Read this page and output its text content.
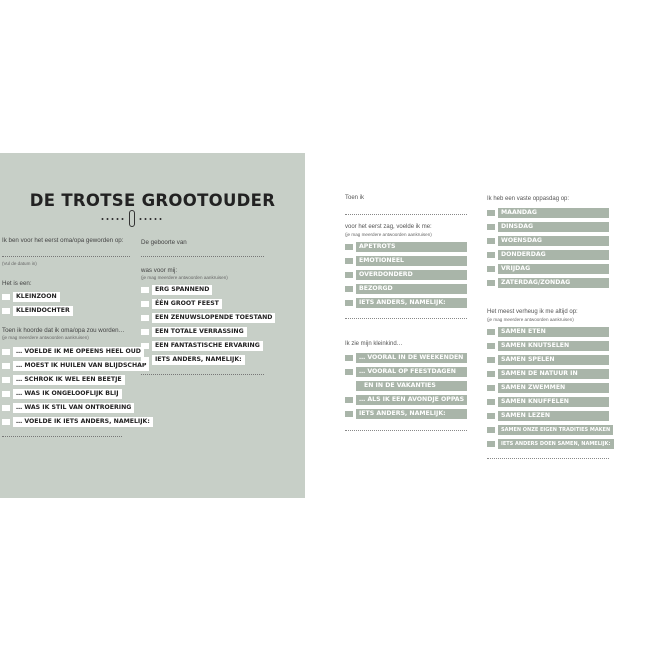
DE TROTSE GROOTOUDER
Ik ben voor het eerst oma/opa geworden op:
(Vul de datum in)
Het is een:
KLEINZOON
KLEINDOCHTER
Toen ik hoorde dat ik oma/opa zou worden…
(je mag meerdere antwoorden aankruisen)
… VOELDE IK ME OPEENS HEEL OUD
… MOEST IK HUILEN VAN BLIJDSCHAP
… SCHROK IK WEL EEN BEETJE
… WAS IK ONGELOOFLIJK BLIJ
… WAS IK STIL VAN ONTROERING
… VOELDE IK IETS ANDERS, NAMELIJK:
De geboorte van
was voor mij:
(je mag meerdere antwoorden aankruisen)
ERG SPANNEND
ÉÉN GROOT FEEST
EEN ZENUWSLOPENDE TOESTAND
EEN TOTALE VERRASSING
EEN FANTASTISCHE ERVARING
IETS ANDERS, NAMELIJK:
Toen ik
voor het eerst zag, voelde ik me:
(je mag meerdere antwoorden aankruisen)
APETROTS
EMOTIONEEL
OVERDONDERD
BEZORGD
IETS ANDERS, NAMELIJK:
Ik zie mijn kleinkind…
… VOORAL IN DE WEEKENDEN
… VOORAL OP FEESTDAGEN
EN IN DE VAKANTIES
… ALS IK EEN AVONDJE OPPAS
IETS ANDERS, NAMELIJK:
Ik heb een vaste oppasdag op:
MAANDAG
DINSDAG
WOENSDAG
DONDERDAG
VRIJDAG
ZATERDAG/ZONDAG
Het meest verheug ik me altijd op:
(je mag meerdere antwoorden aankruisen)
SAMEN ETEN
SAMEN KNUTSELEN
SAMEN SPELEN
SAMEN DE NATUUR IN
SAMEN ZWEMMEN
SAMEN KNUFFELEN
SAMEN LEZEN
SAMEN ONZE EIGEN TRADITIES MAKEN
IETS ANDERS DOEN SAMEN, NAMELIJK:
